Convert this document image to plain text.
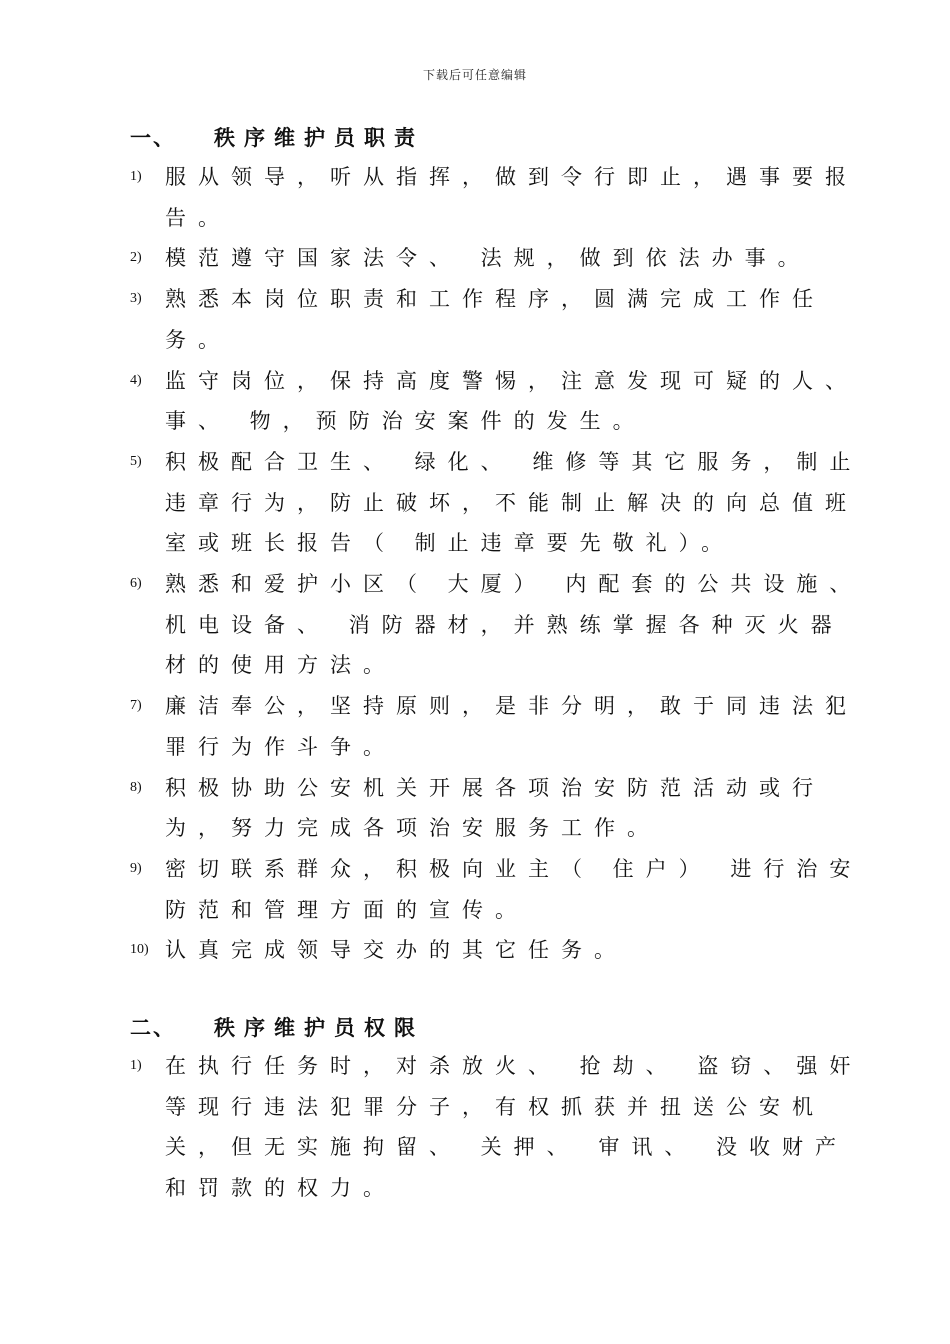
下载后可任意编辑
一、 秩序维护员职责
1) 服从领导，听从指挥，做到令行即止，遇事要报告。
2) 模范遵守国家法令、 法规，做到依法办事。
3) 熟悉本岗位职责和工作程序，圆满完成工作任务。
4) 监守岗位，保持高度警惕，注意发现可疑的人、 事、 物，预防治安案件的发生。
5) 积极配合卫生、 绿化、 维修等其它服务，制止违章行为，防止破坏，不能制止解决的向总值班室或班长报告（ 制止违章要先敬礼）。
6) 熟悉和爱护小区（ 大厦） 内配套的公共设施、机电设备、 消防器材，并熟练掌握各种灭火器材的使用方法。
7) 廉洁奉公，坚持原则，是非分明，敢于同违法犯罪行为作斗争。
8) 积极协助公安机关开展各项治安防范活动或行为，努力完成各项治安服务工作。
9) 密切联系群众，积极向业主（ 住户） 进行治安防范和管理方面的宣传。
10) 认真完成领导交办的其它任务。
二、 秩序维护员权限
1) 在执行任务时，对杀放火、 抢劫、 盗窃、强奸等现行违法犯罪分子，有权抓获并扭送公安机关，但无实施拘留、 关押、 审讯、 没收财产和罚款的权力。
